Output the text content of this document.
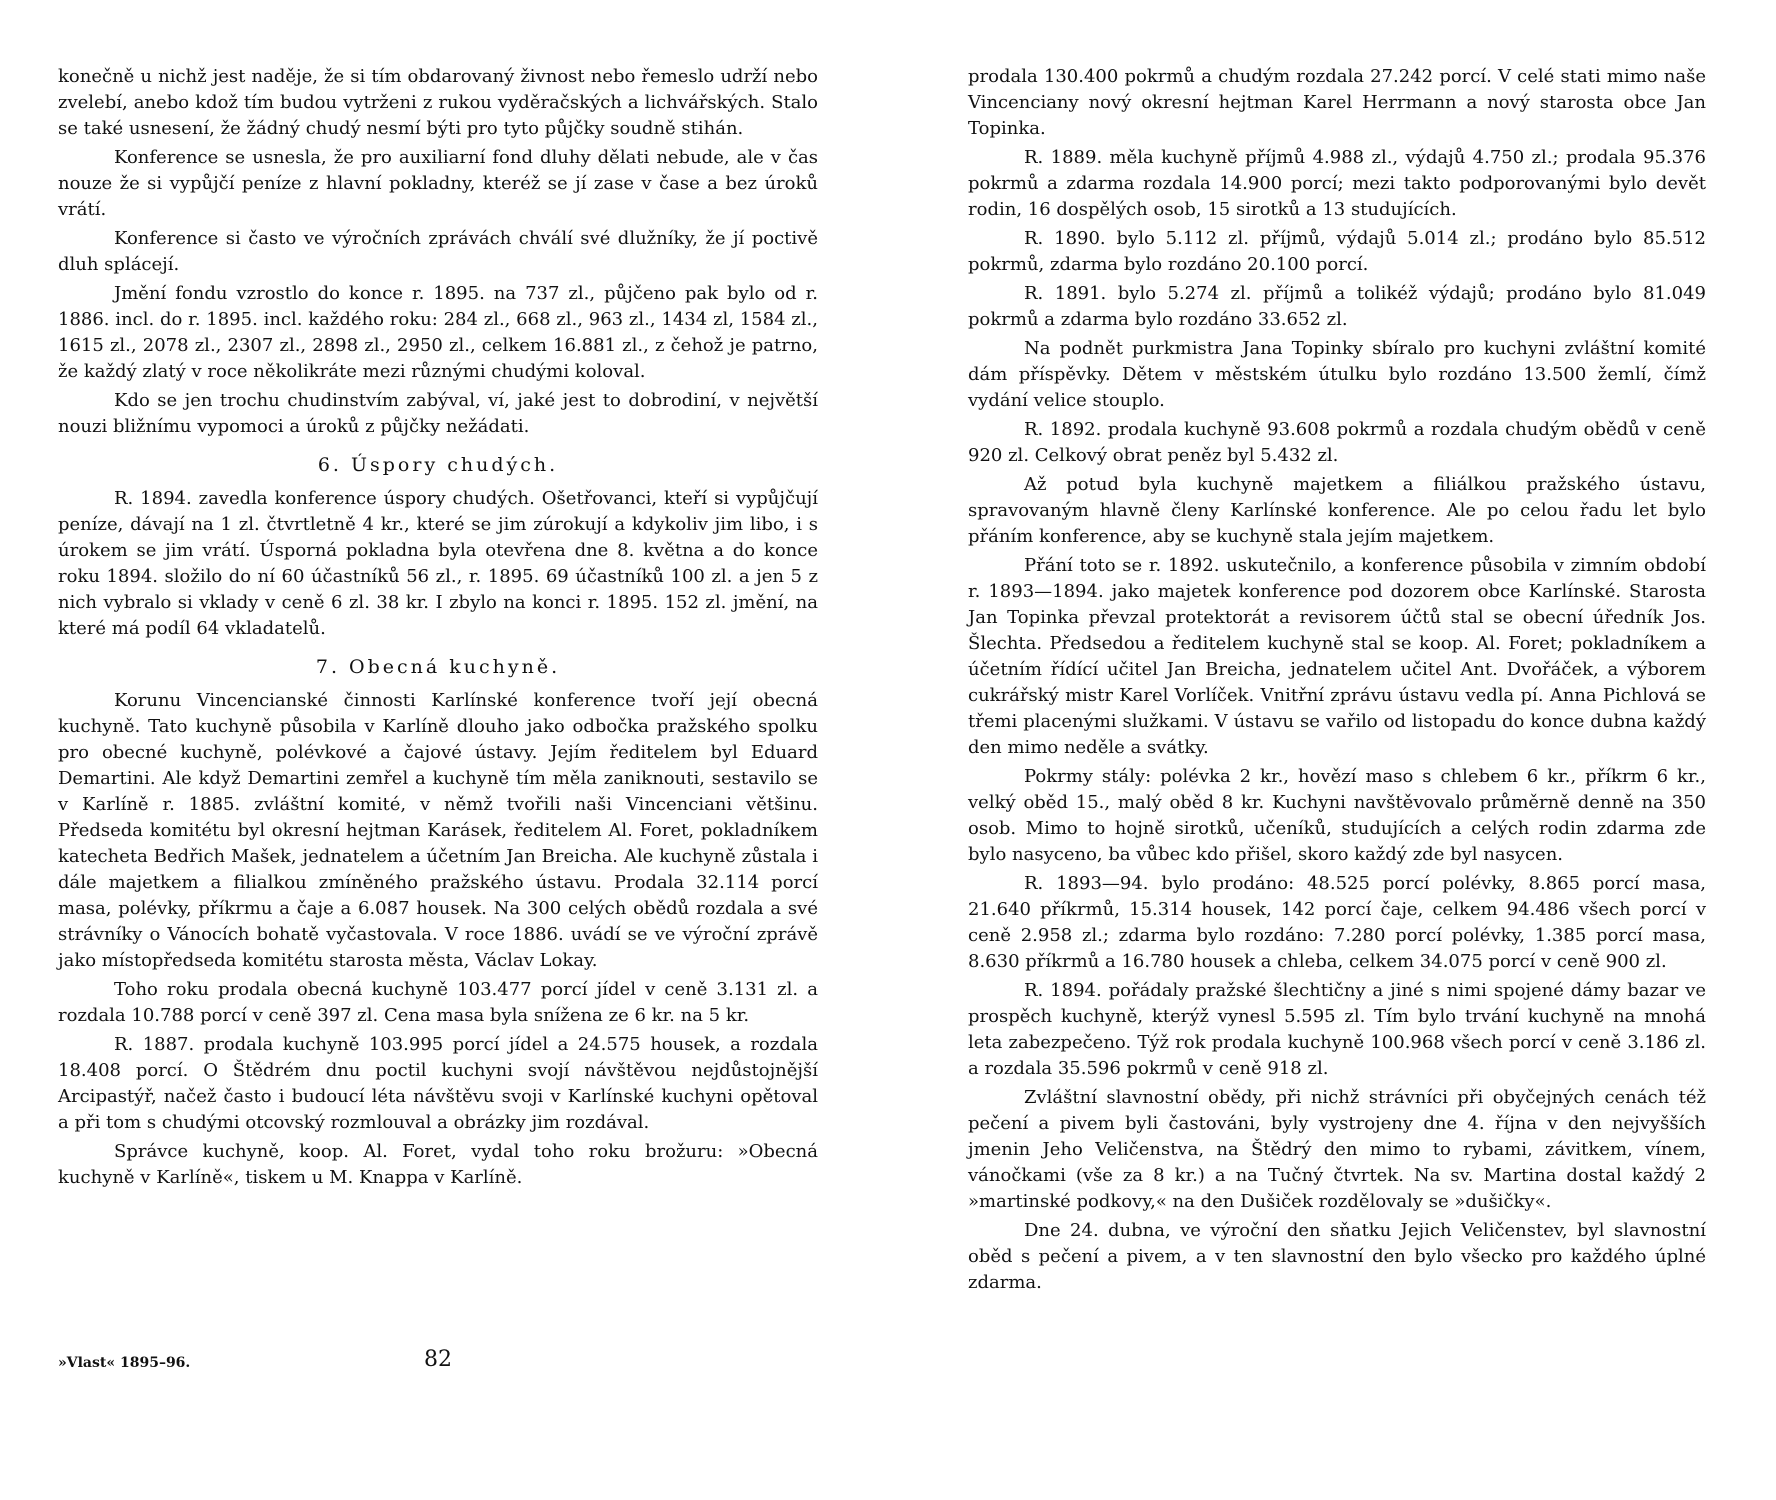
konečně u nichž jest naděje, že si tím obdarovaný živnost nebo řemeslo udrží nebo zvelebí, anebo kdož tím budou vytrženi z rukou vyděračských a lichvářských. Stalo se také usnesení, že žádný chudý nesmí býti pro tyto půjčky soudně stihán.

Konference se usnesla, že pro auxiliarní fond dluhy dělati nebude, ale v čas nouze že si vypůjčí peníze z hlavní pokladny, kteréž se jí zase v čase a bez úroků vrátí.

Konference si často ve výročních zprávách chválí své dlužníky, že jí poctivě dluh splácejí.

Jmění fondu vzrostlo do konce r. 1895. na 737 zl., půjčeno pak bylo od r. 1886. incl. do r. 1895. incl. každého roku: 284 zl., 668 zl., 963 zl., 1434 zl, 1584 zl., 1615 zl., 2078 zl., 2307 zl., 2898 zl., 2950 zl., celkem 16.881 zl., z čehož je patrno, že každý zlatý v roce několikráte mezi různými chudými koloval.

Kdo se jen trochu chudinstvím zabýval, ví, jaké jest to dobrodiní, v největší nouzi bližnímu vypomoci a úroků z půjčky nežádati.

6. Úspory chudých.

R. 1894. zavedla konference úspory chudých. Ošetřovanci, kteří si vypůjčují peníze, dávají na 1 zl. čtvrtletně 4 kr., které se jim zúrokují a kdykoliv jim libo, i s úrokem se jim vrátí. Úsporná pokladna byla otevřena dne 8. května a do konce roku 1894. složilo do ní 60 účastníků 56 zl., r. 1895. 69 účastníků 100 zl. a jen 5 z nich vybralo si vklady v ceně 6 zl. 38 kr. I zbylo na konci r. 1895. 152 zl. jmění, na které má podíl 64 vkladatelů.

7. Obecná kuchyně.

Korunu Vincencianské činnosti Karlínské konference tvoří její obecná kuchyně. Tato kuchyně působila v Karlíně dlouho jako odbočka pražského spolku pro obecné kuchyně, polévkové a čajové ústavy. Jejím ředitelem byl Eduard Demartini. Ale když Demartini zemřel a kuchyně tím měla zaniknouti, sestavilo se v Karlíně r. 1885. zvláštní komité, v němž tvořili naši Vincenciani většinu. Předseda komitétu byl okresní hejtman Karásek, ředitelem Al. Foret, pokladníkem katecheta Bedřich Mašek, jednatelem a účetním Jan Breicha. Ale kuchyně zůstala i dále majetkem a filialkou zmíněného pražského ústavu. Prodala 32.114 porcí masa, polévky, příkrmu a čaje a 6.087 housek. Na 300 celých obědů rozdala a své strávníky o Vánocích bohatě vyčastovala. V roce 1886. uvádí se ve výroční zprávě jako místopředseda komitétu starosta města, Václav Lokay.

Toho roku prodala obecná kuchyně 103.477 porcí jídel v ceně 3.131 zl. a rozdala 10.788 porcí v ceně 397 zl. Cena masa byla snížena ze 6 kr. na 5 kr.

R. 1887. prodala kuchyně 103.995 porcí jídel a 24.575 housek, a rozdala 18.408 porcí. O Štědrém dnu poctil kuchyni svojí návštěvou nejdůstojnější Arcipastýř, načež často i budoucí léta návštěvu svoji v Karlínské kuchyni opětoval a při tom s chudými otcovský rozmlouval a obrázky jim rozdával.

Správce kuchyně, koop. Al. Foret, vydal toho roku brožuru: »Obecná kuchyně v Karlíně«, tiskem u M. Knappa v Karlíně.

»Vlast« 1895–96.	82

prodala 130.400 pokrmů a chudým rozdala 27.242 porcí. V celé stati mimo naše Vincenciany nový okresní hejtman Karel Herrmann a nový starosta obce Jan Topinka.

R. 1889. měla kuchyně příjmů 4.988 zl., výdajů 4.750 zl.; prodala 95.376 pokrmů a zdarma rozdala 14.900 porcí; mezi takto podporovanými bylo devět rodin, 16 dospělých osob, 15 sirotků a 13 studujících.

R. 1890. bylo 5.112 zl. příjmů, výdajů 5.014 zl.; prodáno bylo 85.512 pokrmů, zdarma bylo rozdáno 20.100 porcí.

R. 1891. bylo 5.274 zl. příjmů a tolikéž výdajů; prodáno bylo 81.049 pokrmů a zdarma bylo rozdáno 33.652 zl.

Na podnět purkmistra Jana Topinky sbíralo pro kuchyni zvláštní komité dám příspěvky. Dětem v městském útulku bylo rozdáno 13.500 žemlí, čímž vydání velice stouplo.

R. 1892. prodala kuchyně 93.608 pokrmů a rozdala chudým obědů v ceně 920 zl. Celkový obrat peněz byl 5.432 zl.

Až potud byla kuchyně majetkem a filiálkou pražského ústavu, spravovaným hlavně členy Karlínské konference. Ale po celou řadu let bylo přáním konference, aby se kuchyně stala jejím majetkem.

Přání toto se r. 1892. uskutečnilo, a konference působila v zimním období r. 1893—1894. jako majetek konference pod dozorem obce Karlínské. Starosta Jan Topinka převzal protektorát a revisorem účtů stal se obecní úředník Jos. Šlechta. Předsedou a ředitelem kuchyně stal se koop. Al. Foret; pokladníkem a účetním řídící učitel Jan Breicha, jednatelem učitel Ant. Dvořáček, a výborem cukrářský mistr Karel Vorlíček. Vnitřní zprávu ústavu vedla pí. Anna Pichlová se třemi placenými služkami. V ústavu se vařilo od listopadu do konce dubna každý den mimo neděle a svátky.

Pokrmy stály: polévka 2 kr., hovězí maso s chlebem 6 kr., příkrm 6 kr., velký oběd 15., malý oběd 8 kr. Kuchyni navštěvovalo průměrně denně na 350 osob. Mimo to hojně sirotků, učeníků, studujících a celých rodin zdarma zde bylo nasyceno, ba vůbec kdo přišel, skoro každý zde byl nasycen.

R. 1893—94. bylo prodáno: 48.525 porcí polévky, 8.865 porcí masa, 21.640 příkrmů, 15.314 housek, 142 porcí čaje, celkem 94.486 všech porcí v ceně 2.958 zl.; zdarma bylo rozdáno: 7.280 porcí polévky, 1.385 porcí masa, 8.630 příkrmů a 16.780 housek a chleba, celkem 34.075 porcí v ceně 900 zl.

R. 1894. pořádaly pražské šlechtičny a jiné s nimi spojené dámy bazar ve prospěch kuchyně, kterýž vynesl 5.595 zl. Tím bylo trvání kuchyně na mnohá leta zabezpečeno. Týž rok prodala kuchyně 100.968 všech porcí v ceně 3.186 zl. a rozdala 35.596 pokrmů v ceně 918 zl.

Zvláštní slavnostní obědy, při nichž strávníci při obyčejných cenách též pečení a pivem byli častováni, byly vystrojeny dne 4. října v den nejvyšších jmenin Jeho Veličenstva, na Štědrý den mimo to rybami, závitkem, vínem, vánočkami (vše za 8 kr.) a na Tučný čtvrtek. Na sv. Martina dostal každý 2 »martinské podkovy,« na den Dušiček rozdělovaly se »dušičky«.

Dne 24. dubna, ve výroční den sňatku Jejich Veličenstev, byl slavnostní oběd s pečení a pivem, a v ten slavnostní den bylo všecko pro každého úplné zdarma.
